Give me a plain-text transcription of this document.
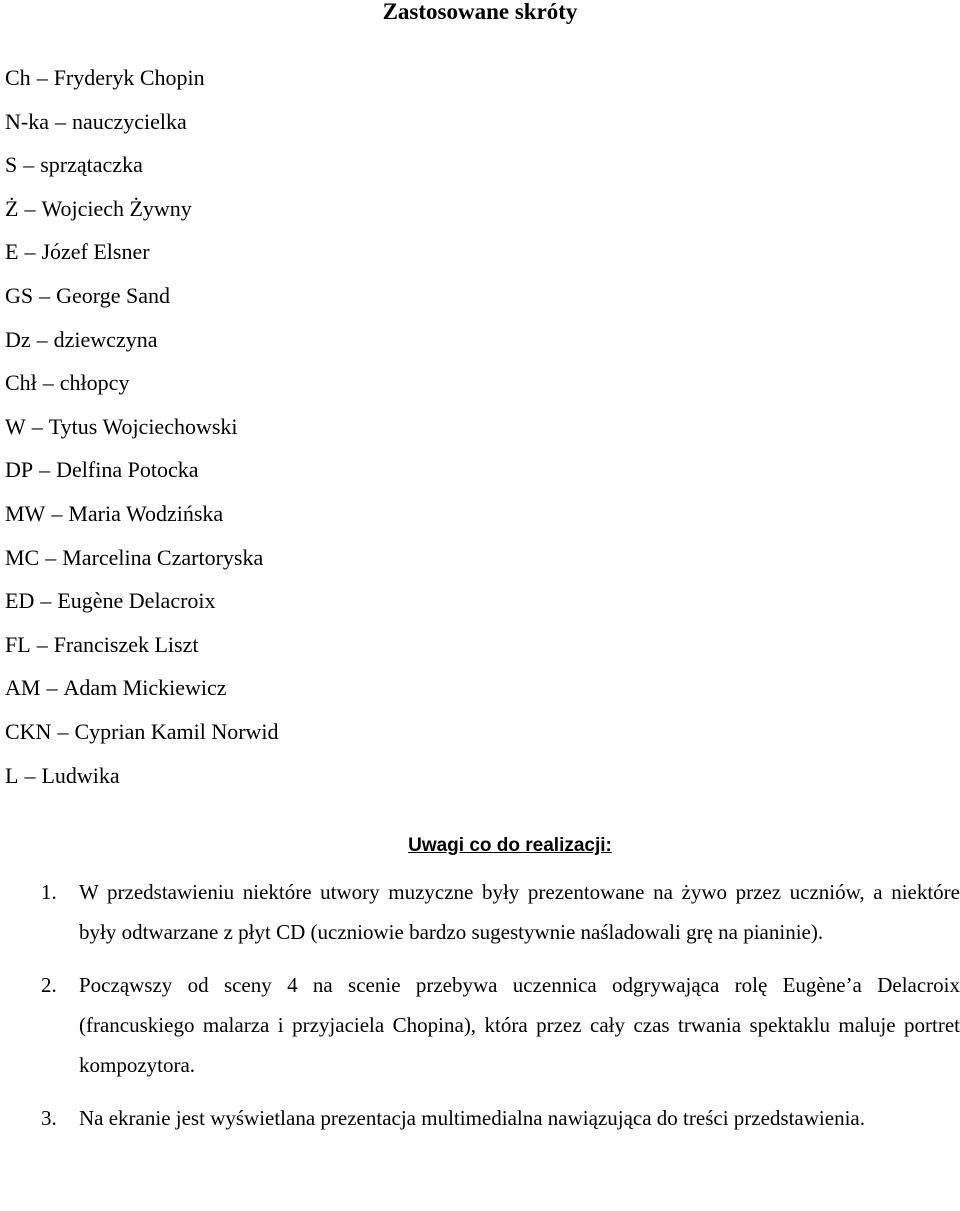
Zastosowane skróty
Ch – Fryderyk Chopin
N-ka – nauczycielka
S – sprzątaczka
Ż – Wojciech Żywny
E – Józef Elsner
GS – George Sand
Dz – dziewczyna
Chł – chłopcy
W – Tytus Wojciechowski
DP – Delfina Potocka
MW – Maria Wodzińska
MC – Marcelina Czartoryska
ED – Eugène Delacroix
FL – Franciszek Liszt
AM – Adam Mickiewicz
CKN – Cyprian Kamil Norwid
L – Ludwika
Uwagi co do realizacji:
1. W przedstawieniu niektóre utwory muzyczne były prezentowane na żywo przez uczniów, a niektóre były odtwarzane z płyt CD (uczniowie bardzo sugestywnie naśladowali grę na pianinie).
2. Począwszy od sceny 4 na scenie przebywa uczennica odgrywająca rolę Eugène’a Delacroix (francuskiego malarza i przyjaciela Chopina), która przez cały czas trwania spektaklu maluje portret kompozytora.
3. Na ekranie jest wyświetlana prezentacja multimedialna nawiązująca do treści przedstawienia.
